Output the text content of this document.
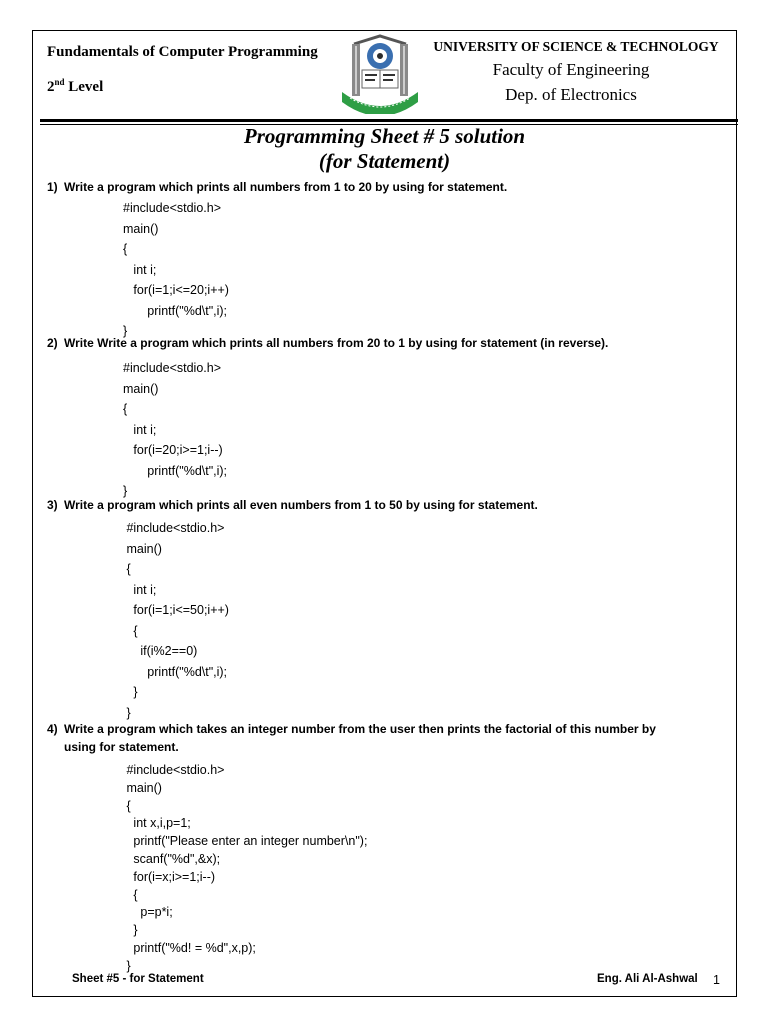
Fundamentals of Computer Programming
2nd Level
UNIVERSITY OF SCIENCE & TECHNOLOGY
Faculty of Engineering
Dep. of Electronics
Programming Sheet # 5 solution
(for Statement)
1) Write a program which prints all numbers from 1 to 20 by using for statement.
#include<stdio.h>
main()
{
int i;
for(i=1;i<=20;i++)
printf("%d\t",i);
}
2) Write Write a program which prints all numbers from 20 to 1 by using for statement (in reverse).
#include<stdio.h>
main()
{
int i;
for(i=20;i>=1;i--)
printf("%d\t",i);
}
3) Write a program which prints all even numbers from 1 to 50 by using for statement.
#include<stdio.h>
main()
{
int i;
for(i=1;i<=50;i++)
{
if(i%2==0)
printf("%d\t",i);
}
}
4) Write a program which takes an integer number from the user then prints the factorial of this number by
using for statement.
#include<stdio.h>
main()
{
int x,i,p=1;
printf("Please enter an integer number\n");
scanf("%d",&x);
for(i=x;i>=1;i--)
{
p=p*i;
}
printf("%d! = %d",x,p);
}
Sheet #5 - for Statement	Eng. Ali Al-Ashwal 1
